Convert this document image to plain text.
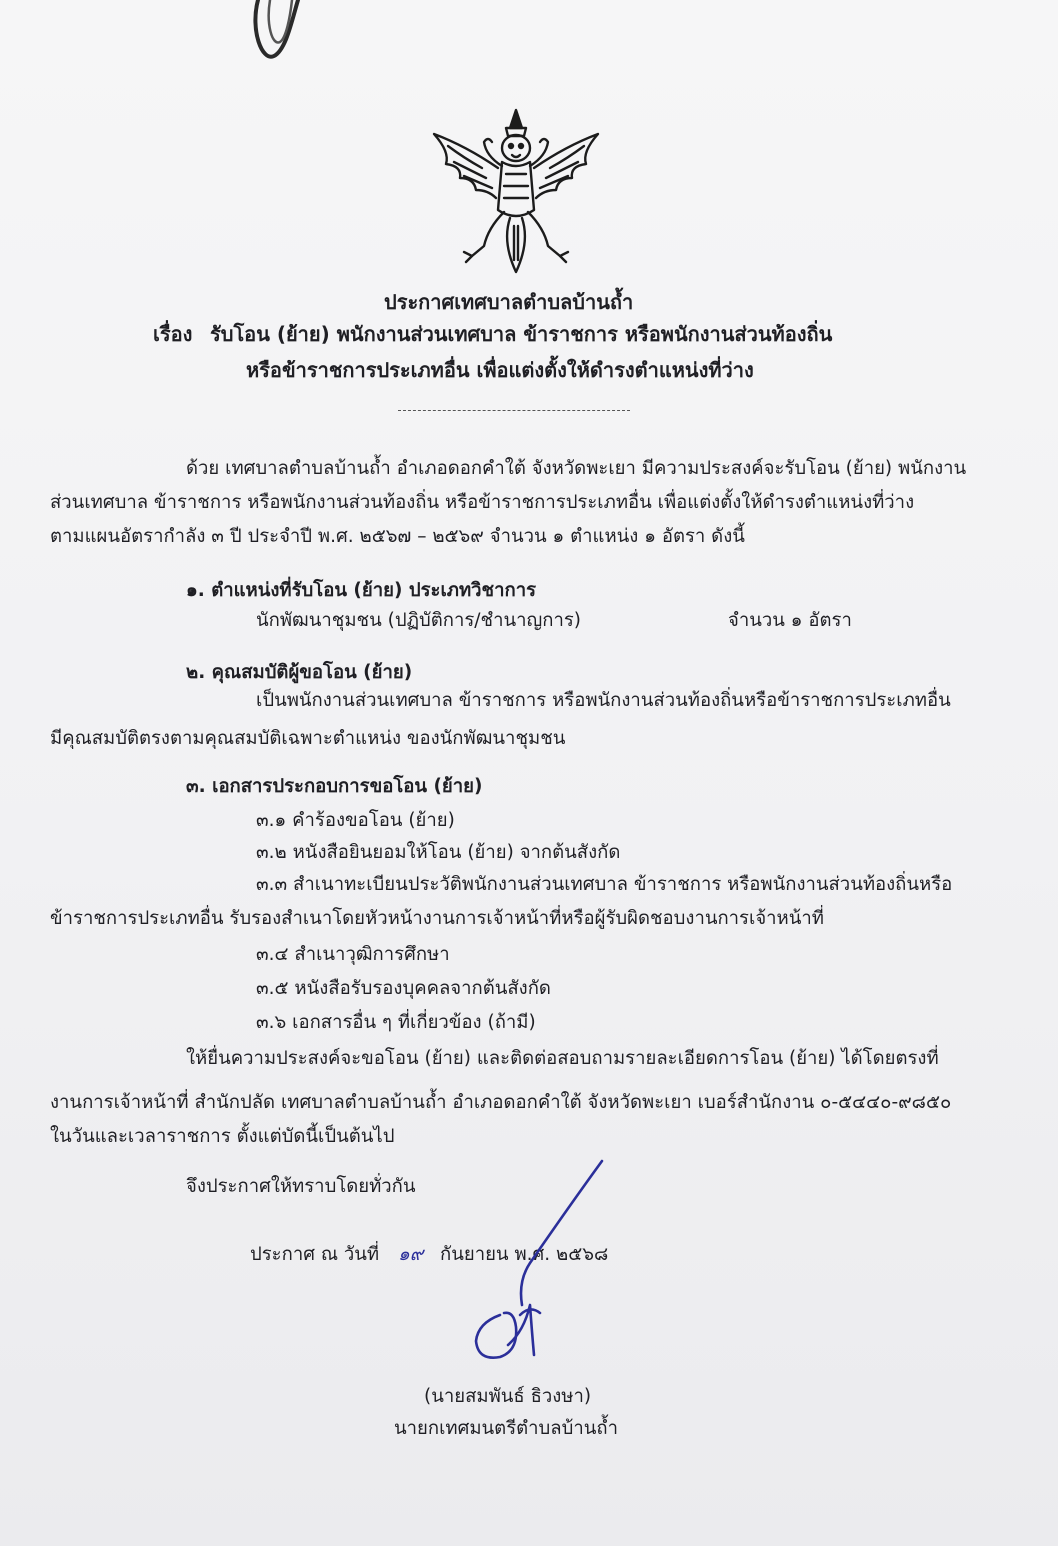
ประกาศเทศบาลตำบลบ้านถ้ำ
เรื่อง รับโอน (ย้าย) พนักงานส่วนเทศบาล ข้าราชการ หรือพนักงานส่วนท้องถิ่น
หรือข้าราชการประเภทอื่น เพื่อแต่งตั้งให้ดำรงตำแหน่งที่ว่าง
ด้วย เทศบาลตำบลบ้านถ้ำ อำเภอดอกคำใต้ จังหวัดพะเยา มีความประสงค์จะรับโอน (ย้าย) พนักงาน
ส่วนเทศบาล ข้าราชการ หรือพนักงานส่วนท้องถิ่น หรือข้าราชการประเภทอื่น เพื่อแต่งตั้งให้ดำรงตำแหน่งที่ว่าง
ตามแผนอัตรากำลัง ๓ ปี ประจำปี พ.ศ. ๒๕๖๗ – ๒๕๖๙ จำนวน ๑ ตำแหน่ง ๑ อัตรา ดังนี้
๑. ตำแหน่งที่รับโอน (ย้าย) ประเภทวิชาการ
นักพัฒนาชุมชน (ปฏิบัติการ/ชำนาญการ)	จำนวน ๑ อัตรา
๒. คุณสมบัติผู้ขอโอน (ย้าย)
เป็นพนักงานส่วนเทศบาล ข้าราชการ หรือพนักงานส่วนท้องถิ่นหรือข้าราชการประเภทอื่น
มีคุณสมบัติตรงตามคุณสมบัติเฉพาะตำแหน่ง ของนักพัฒนาชุมชน
๓. เอกสารประกอบการขอโอน (ย้าย)
๓.๑ คำร้องขอโอน (ย้าย)
๓.๒ หนังสือยินยอมให้โอน (ย้าย) จากต้นสังกัด
๓.๓ สำเนาทะเบียนประวัติพนักงานส่วนเทศบาล ข้าราชการ หรือพนักงานส่วนท้องถิ่นหรือ
ข้าราชการประเภทอื่น รับรองสำเนาโดยหัวหน้างานการเจ้าหน้าที่หรือผู้รับผิดชอบงานการเจ้าหน้าที่
๓.๔ สำเนาวุฒิการศึกษา
๓.๕ หนังสือรับรองบุคคลจากต้นสังกัด
๓.๖ เอกสารอื่น ๆ ที่เกี่ยวข้อง (ถ้ามี)
ให้ยื่นความประสงค์จะขอโอน (ย้าย) และติดต่อสอบถามรายละเอียดการโอน (ย้าย) ได้โดยตรงที่
งานการเจ้าหน้าที่ สำนักปลัด เทศบาลตำบลบ้านถ้ำ อำเภอดอกคำใต้ จังหวัดพะเยา เบอร์สำนักงาน ๐-๕๔๔๐-๙๘๕๐
ในวันและเวลาราชการ ตั้งแต่บัดนี้เป็นต้นไป
จึงประกาศให้ทราบโดยทั่วกัน
ประกาศ ณ วันที่ ๑๙ กันยายน พ.ศ. ๒๕๖๘
(นายสมพันธ์ ธิวงษา)
นายกเทศมนตรีตำบลบ้านถ้ำ
